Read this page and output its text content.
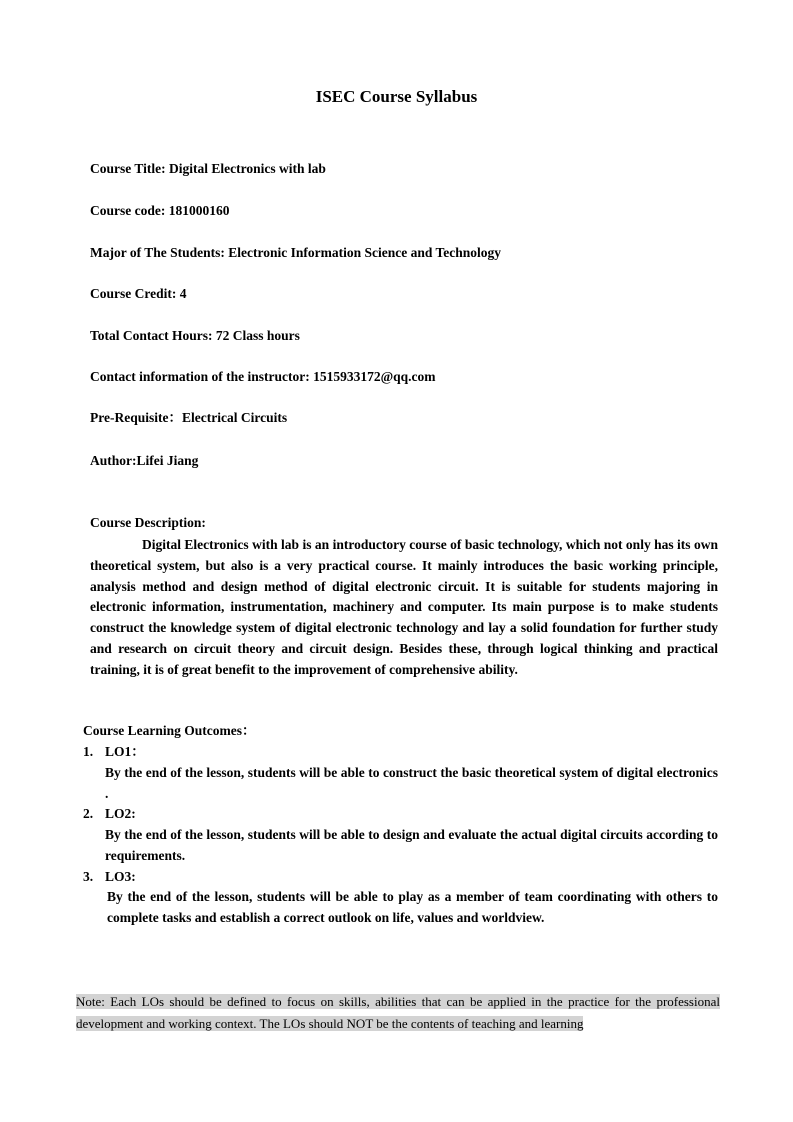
ISEC Course Syllabus
Course Title: Digital Electronics with lab
Course code: 181000160
Major of The Students: Electronic Information Science and Technology
Course Credit: 4
Total Contact Hours: 72 Class hours
Contact information of the instructor: 1515933172@qq.com
Pre-Requisite：Electrical Circuits
Author:Lifei Jiang
Course Description:

Digital Electronics with lab is an introductory course of basic technology, which not only has its own theoretical system, but also is a very practical course. It mainly introduces the basic working principle, analysis method and design method of digital electronic circuit. It is suitable for students majoring in electronic information, instrumentation, machinery and computer. Its main purpose is to make students construct the knowledge system of digital electronic technology and lay a solid foundation for further study and research on circuit theory and circuit design. Besides these, through logical thinking and practical training, it is of great benefit to the improvement of comprehensive ability.

Course Learning Outcomes：
1. LO1：

By the end of the lesson, students will be able to construct the basic theoretical system of digital electronics .

2. LO2:

By the end of the lesson, students will be able to design and evaluate the actual digital circuits according to requirements.

3. LO3:

By the end of the lesson, students will be able to play as a member of team coordinating with others to complete tasks and establish a correct outlook on life, values and worldview.

Note: Each LOs should be defined to focus on skills, abilities that can be applied in the practice for the professional development and working context. The LOs should NOT be the contents of teaching and learning
